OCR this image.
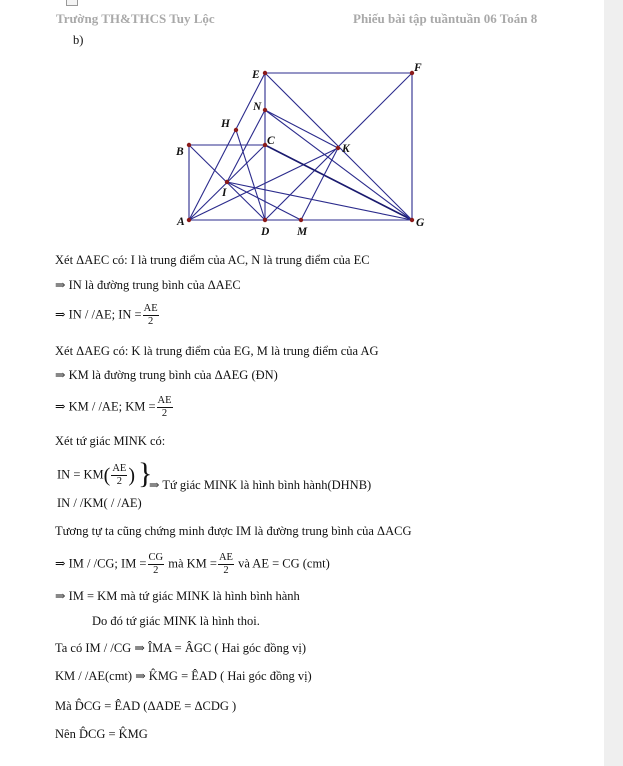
Trường TH&THCS Tuy Lộc	Phiếu bài tập tuầntuần 06 Toán 8
b)
E
F
N
H
C
B	K
I
A
D M
G
Xét ΔAEC có: I là trung điểm của AC, N là trung điểm của EC
⇒ IN là đường trung bình của ΔAEC
⇒ IN / /AE; IN = $\frac{AE}{2}$
Xét ΔAEG có: K là trung điểm của EG, M là trung điểm của AG
⇒ KM là đường trung bình của ΔAEG (ĐN)
⇒ KM / /AE; KM = $\frac{AE}{2}$
Xét tứ giác MINK có:
IN = $KM( \frac{AE}{2}$ ) }
IN / /KM( / /AE)
⇒ Tứ giác MINK là hình bình hành(DHNB)
Tương tự ta cũng chứng minh được IM là đường trung bình của ΔACG
⇒ IM / /CG; IM = $\frac{CG}{2}$ mà KM = $\frac{AE}{2}$ và AE = CG (cmt)
⇒ IM = KM mà tứ giác MINK là hình bình hành
Do đó tứ giác MINK là hình thoi.
Ta có IM / /CG ⇒ ÎMA = ÂGC ( Hai góc đồng vị)
KM / /AE(cmt) ⇒ K̂MG = ÊAD ( Hai góc đồng vị)
Mà D̂CG = ÊAD (ΔADE = ΔCDG )
Nên D̂CG = K̂MG
